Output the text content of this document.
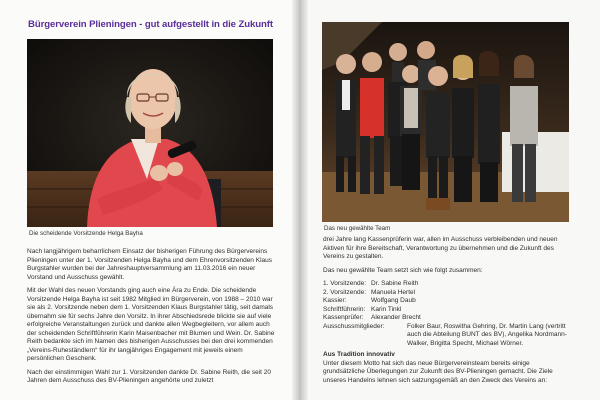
Bürgerverein Plieningen - gut aufgestellt in die Zukunft
Die scheidende Vorsitzende Helga Bayha

Nach langjährigem beharrlichem Einsatz der bisherigen Führung des Bürgervereins Plieningen unter der 1. Vorsitzenden Helga Bayha und dem Ehrenvorsitzenden Klaus Burgstahler wurden bei der Jahreshauptversammlung am 11.03.2016 ein neuer Vorstand und Ausschuss gewählt.

Mit der Wahl des neuen Vorstands ging auch eine Ära zu Ende. Die scheidende Vorsitzende Helga Bayha ist seit 1982 Mitglied im Bürgerverein, von 1988 – 2010 war sie als 2. Vorsitzende neben dem 1. Vorsitzenden Klaus Burgstahler tätig, seit damals übernahm sie für sechs Jahre den Vorsitz. In ihrer Abschiedsrede blickte sie auf viele erfolgreiche Veranstaltungen zurück und dankte allen Wegbegleitern, vor allem auch der scheidenden Schriftführerin Karin Maisenbacher mit Blumen und Wein. Dr. Sabine Reith bedankte sich im Namen des bisherigen Ausschusses bei den drei kommenden „Vereins-Ruheständlern“ für ihr langjähriges Engagement mit jeweils einem persönlichen Geschenk.

Nach der einstimmigen Wahl zur 1. Vorsitzenden dankte Dr. Sabine Reith, die seit 20 Jahren dem Ausschuss des BV-Plieningen angehörte und zuletzt

Das neu gewählte Team

drei Jahre lang Kassenprüferin war, allen im Ausschuss verbleibenden und neuen Aktiven für ihre Bereitschaft, Verantwortung zu übernehmen und die Zukunft des Vereins zu gestalten.

Das neu gewählte Team setzt sich wie folgt zusammen:

1. Vorsitzende: Dr. Sabine Reith
2. Vorsitzende: Manuela Hertel
Kassier:	Wolfgang Daub
Schriftführerin: Karin Tinkl
Kassenprüfer:	Alexander Brecht
Ausschussmitglieder:	Folker Baur, Roswitha Gehring, Dr. Martin Lang (vertritt auch die Abteilung BUNT des BV), Angelika Nordmann-Walker, Brigitta Specht, Michael Wörner.
Aus Tradition innovativ

Unter diesem Motto hat sich das neue Bürgervereinsteam bereits einige grundsätzliche Überlegungen zur Zukunft des BV-Plieningen gemacht. Die Ziele unseres Handelns lehnen sich satzungsgemäß an den Zweck des Vereins an:
